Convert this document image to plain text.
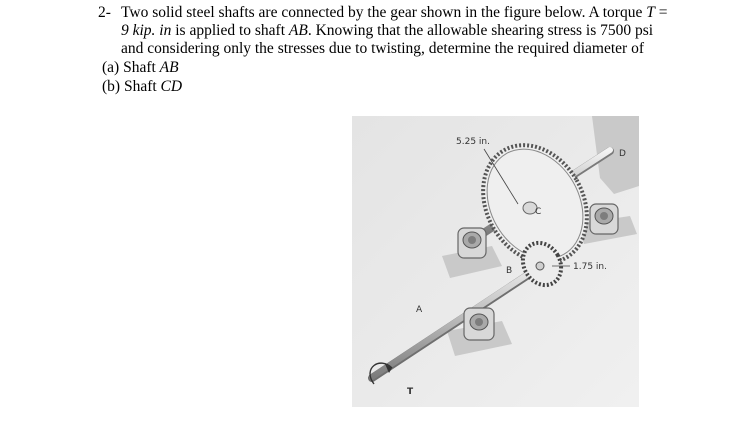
2- Two solid steel shafts are connected by the gear shown in the figure below. A torque T =
9 kip. in is applied to shaft AB. Knowing that the allowable shearing stress is 7500 psi
and considering only the stresses due to twisting, determine the required diameter of
(a) Shaft AB
(b) Shaft CD
5.25 in.
1.75 in.
A
B
C
D
T
